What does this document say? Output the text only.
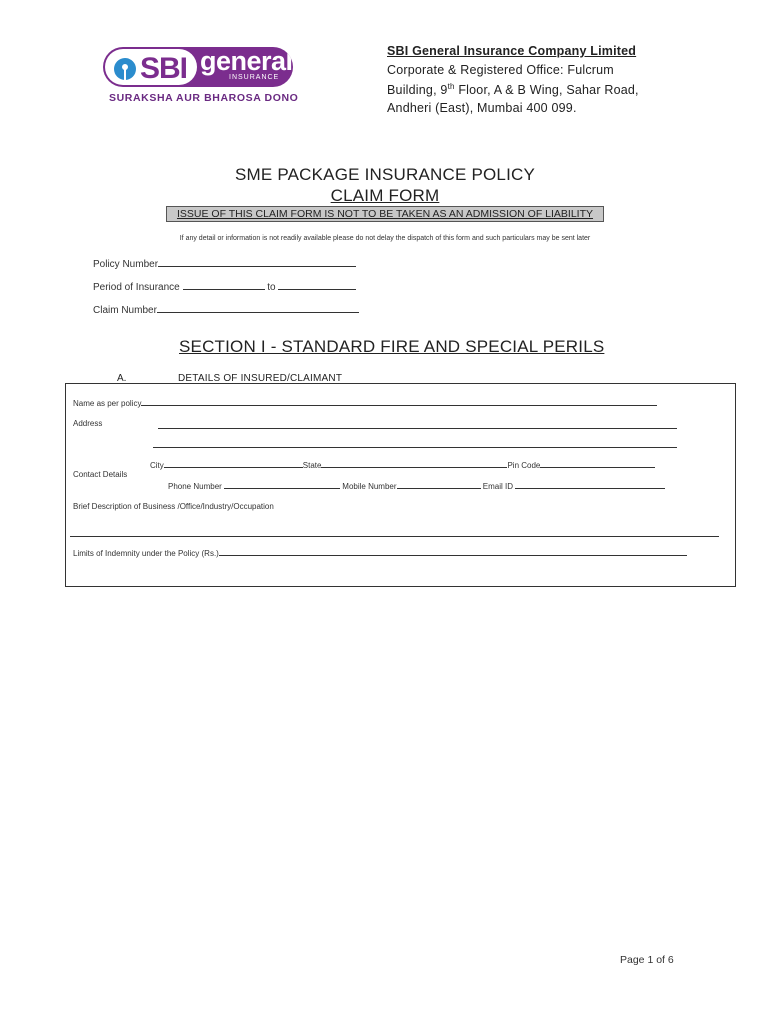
SBI general
INSURANCE
SURAKSHA AUR BHAROSA DONO
SBI General Insurance Company Limited
Corporate & Registered Office: Fulcrum
Building, 9th Floor, A & B Wing, Sahar Road,
Andheri (East), Mumbai 400 099.
SME PACKAGE INSURANCE POLICY
CLAIM FORM
ISSUE OF THIS CLAIM FORM IS NOT TO BE TAKEN AS AN ADMISSION OF LIABILITY
If any detail or information is not readily available please do not delay the dispatch of this form and such particulars may be sent later
Policy Number
Period of Insurance	to
Claim Number
SECTION I - STANDARD FIRE AND SPECIAL PERILS
A.	DETAILS OF INSURED/CLAIMANT
Name as per policy
Address
City	State	Pin Code
Contact Details
Phone Number	Mobile Number	Email ID
Brief Description of Business /Office/Industry/Occupation
Limits of Indemnity under the Policy (Rs.)
Page 1 of 6
